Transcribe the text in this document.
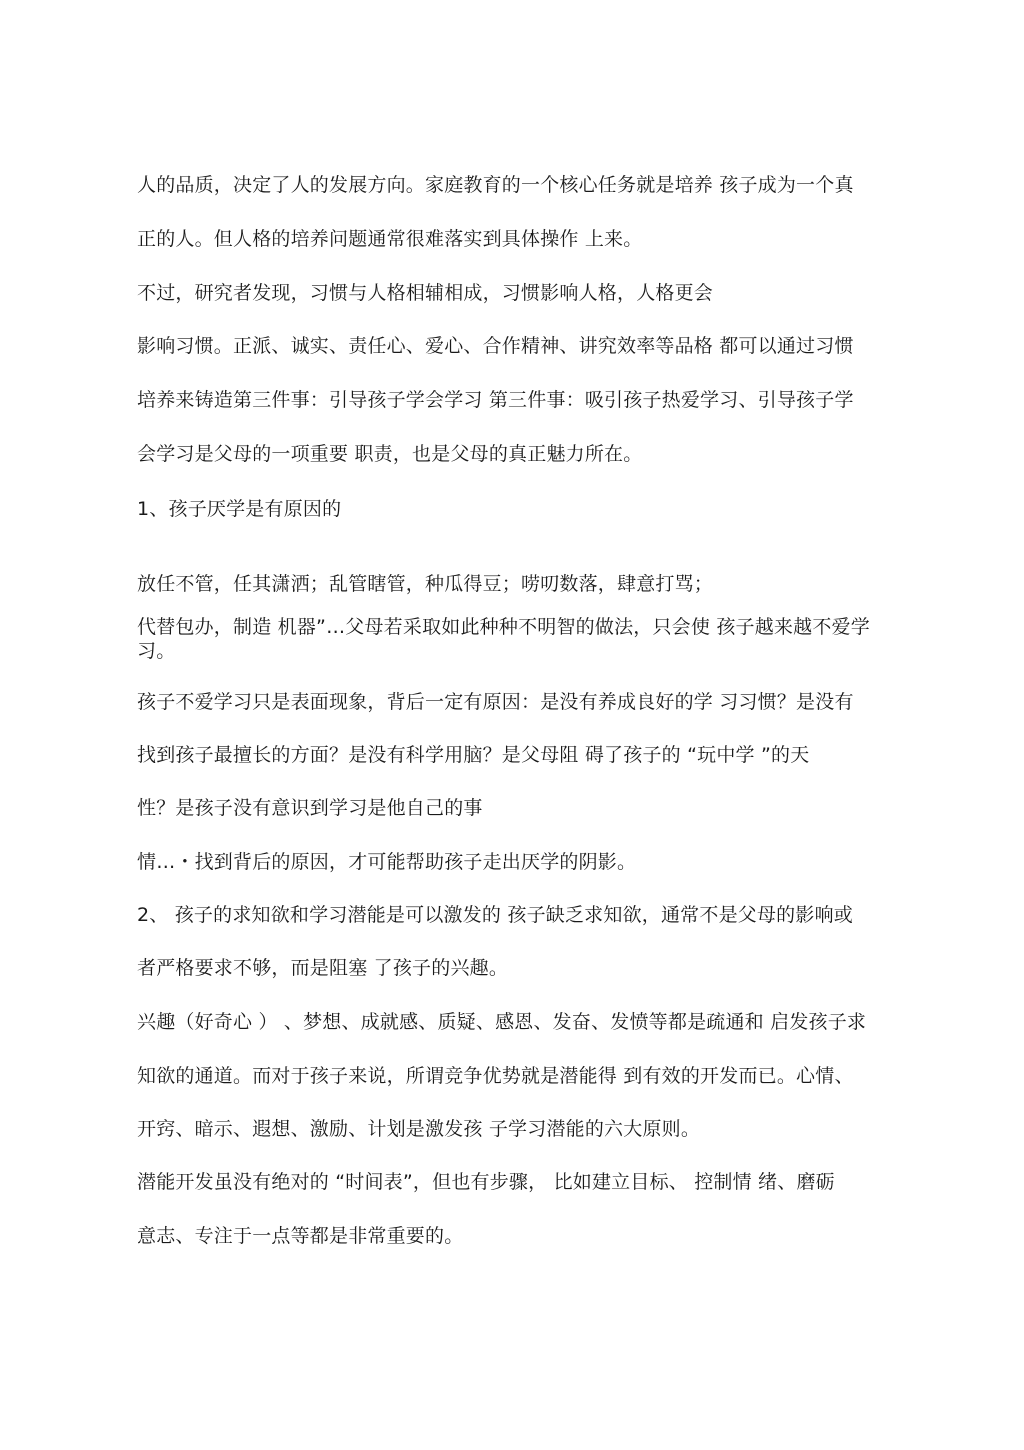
人的品质，决定了人的发展方向。家庭教育的一个核心任务就是培养 孩子成为一个真
正的人。但人格的培养问题通常很难落实到具体操作 上来。
不过，研究者发现，习惯与人格相辅相成，习惯影响人格，人格更会
影响习惯。正派、诚实、责任心、爱心、合作精神、讲究效率等品格 都可以通过习惯
培养来铸造第三件事：引导孩子学会学习 第三件事：吸引孩子热爱学习、引导孩子学
会学习是父母的一项重要 职责，也是父母的真正魅力所在。
1、孩子厌学是有原因的
放任不管，任其潇洒；乱管瞎管，种瓜得豆；唠叨数落，肆意打骂；
代替包办，制造 机器”…父母若采取如此种种不明智的做法，只会使 孩子越来越不爱学习。
孩子不爱学习只是表面现象，背后一定有原因：是没有养成良好的学 习习惯？是没有
找到孩子最擅长的方面？是没有科学用脑？是父母阻 碍了孩子的 “玩中学 ”的天
性？是孩子没有意识到学习是他自己的事
情…・找到背后的原因，才可能帮助孩子走出厌学的阴影。
2、 孩子的求知欲和学习潜能是可以激发的 孩子缺乏求知欲，通常不是父母的影响或
者严格要求不够，而是阻塞 了孩子的兴趣。
兴趣（好奇心 ） 、梦想、成就感、质疑、感恩、发奋、发愤等都是疏通和 启发孩子求
知欲的通道。而对于孩子来说，所谓竞争优势就是潜能得 到有效的开发而已。心情、
开窍、暗示、遐想、激励、计划是激发孩 子学习潜能的六大原则。
潜能开发虽没有绝对的 “时间表”，但也有步骤， 比如建立目标、 控制情 绪、磨砺
意志、专注于一点等都是非常重要的。
